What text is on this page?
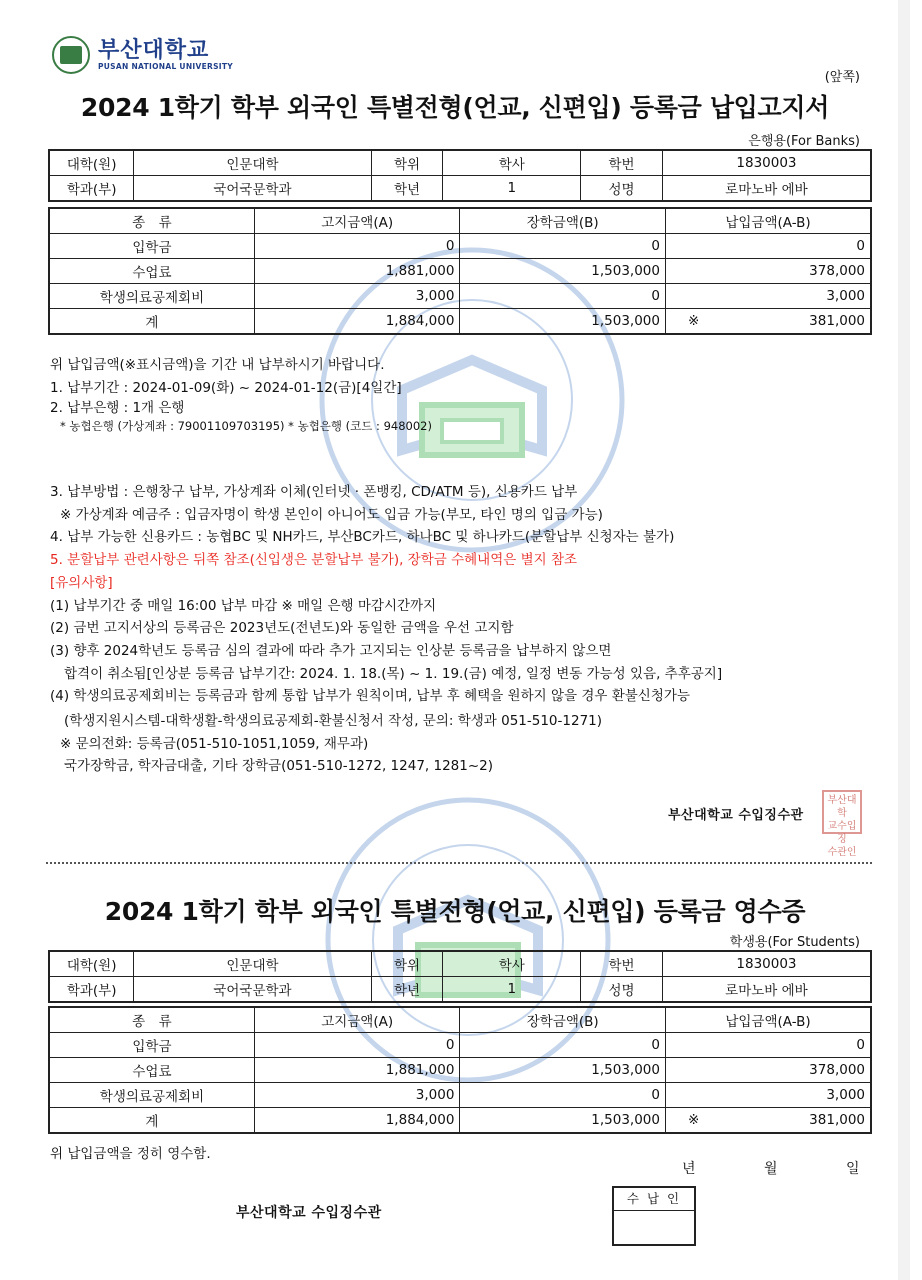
부산대학교
PUSAN NATIONAL UNIVERSITY
(앞쪽)
2024 1학기 학부 외국인 특별전형(언교, 신편입) 등록금 납입고지서
은행용(For Banks)
대학(원)	인문대학	학위	학사	학번	1830003
학과(부)	국어국문학과	학년	1	성명	로마노바 에바
종　류	고지금액(A)	장학금액(B)	납입금액(A-B)
입학금	0	0	0
수업료	1,881,000	1,503,000	378,000
학생의료공제회비	3,000	0	3,000
계	1,884,000	1,503,000	※ 381,000
위 납입금액(※표시금액)을 기간 내 납부하시기 바랍니다.
1. 납부기간 : 2024-01-09(화) ~ 2024-01-12(금)[4일간]
2. 납부은행 : 1개 은행
* 농협은행 (가상계좌 : 79001109703195) * 농협은행 (코드 : 948002)
3. 납부방법 : 은행창구 납부, 가상계좌 이체(인터넷 · 폰뱅킹, CD/ATM 등), 신용카드 납부
※ 가상계좌 예금주 : 입금자명이 학생 본인이 아니어도 입금 가능(부모, 타인 명의 입금 가능)
4. 납부 가능한 신용카드 : 농협BC 및 NH카드, 부산BC카드, 하나BC 및 하나카드(분할납부 신청자는 불가)
5. 분할납부 관련사항은 뒤쪽 참조(신입생은 분할납부 불가), 장학금 수혜내역은 별지 참조
[유의사항]
(1) 납부기간 중 매일 16:00 납부 마감 ※ 매일 은행 마감시간까지
(2) 금번 고지서상의 등록금은 2023년도(전년도)와 동일한 금액을 우선 고지함
(3) 향후 2024학년도 등록금 심의 결과에 따라 추가 고지되는 인상분 등록금을 납부하지 않으면
합격이 취소됨[인상분 등록금 납부기간: 2024. 1. 18.(목) ~ 1. 19.(금) 예정, 일정 변동 가능성 있음, 추후공지]
(4) 학생의료공제회비는 등록금과 함께 통합 납부가 원칙이며, 납부 후 혜택을 원하지 않을 경우 환불신청가능
(학생지원시스템-대학생활-학생의료공제회-환불신청서 작성, 문의: 학생과 051-510-1271)
※ 문의전화: 등록금(051-510-1051,1059, 재무과)
국가장학금, 학자금대출, 기타 장학금(051-510-1272, 1247, 1281~2)
부산대학교 수입징수관
부산대학
교수입징
수관인
2024 1학기 학부 외국인 특별전형(언교, 신편입) 등록금 영수증
학생용(For Students)
대학(원)	인문대학	학위	학사	학번	1830003
학과(부)	국어국문학과	학년	1	성명	로마노바 에바
종　류	고지금액(A)	장학금액(B)	납입금액(A-B)
입학금	0	0	0
수업료	1,881,000	1,503,000	378,000
학생의료공제회비	3,000	0	3,000
계	1,884,000	1,503,000	※ 381,000
위 납입금액을 정히 영수함.
년	월	일
부산대학교 수입징수관
수 납 인
